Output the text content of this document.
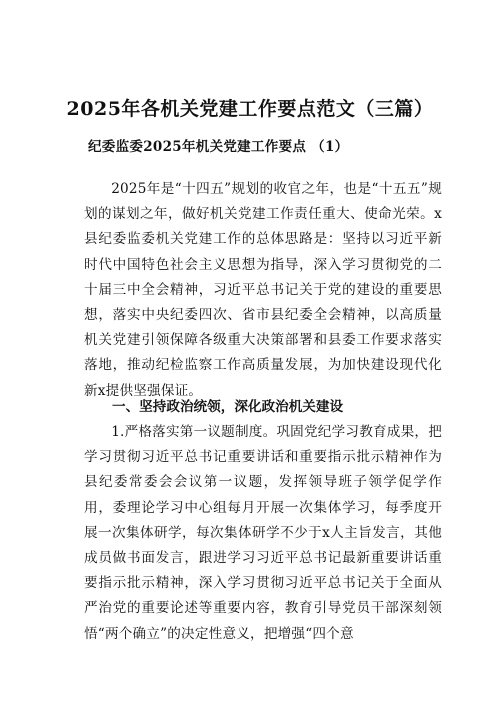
2025年各机关党建工作要点范文（三篇）
纪委监委2025年机关党建工作要点 （1）

2025年是“十四五”规划的收官之年，也是“十五五”规划的谋划之年，做好机关党建工作责任重大、使命光荣。x县纪委监委机关党建工作的总体思路是：坚持以习近平新时代中国特色社会主义思想为指导，深入学习贯彻党的二十届三中全会精神，习近平总书记关于党的建设的重要思想，落实中央纪委四次、省市县纪委全会精神，以高质量机关党建引领保障各级重大决策部署和县委工作要求落实落地，推动纪检监察工作高质量发展，为加快建设现代化新x提供坚强保证。

一、坚持政治统领，深化政治机关建设

1.严格落实第一议题制度。巩固党纪学习教育成果，把学习贯彻习近平总书记重要讲话和重要指示批示精神作为县纪委常委会会议第一议题，发挥领导班子领学促学作用，委理论学习中心组每月开展一次集体学习，每季度开展一次集体研学，每次集体研学不少于x人主旨发言，其他成员做书面发言，跟进学习习近平总书记最新重要讲话重要指示批示精神，深入学习贯彻习近平总书记关于全面从严治党的重要论述等重要内容，教育引导党员干部深刻领悟“两个确立”的决定性意义，把增强“四个意
